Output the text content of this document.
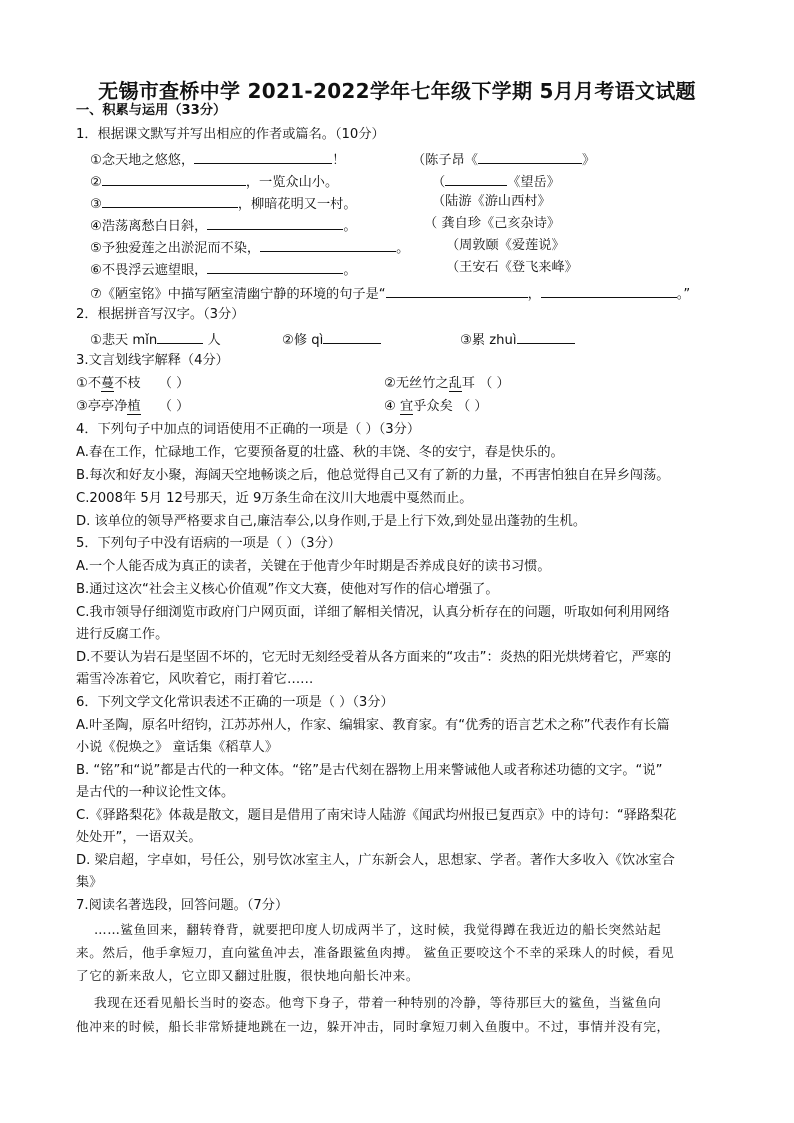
无锡市查桥中学 2021-2022学年七年级下学期 5月月考语文试题
一、积累与运用（33分）
1．根据课文默写并写出相应的作者或篇名。（10分）
①念天地之悠悠，	！	（陈子昂《	》
②	，一览众山小。	（	《望岳》
③	，柳暗花明又一村。	（陆游《游山西村》
④浩荡离愁白日斜，	。	（ 龚自珍《己亥杂诗》
⑤予独爱莲之出淤泥而不染，	。	（周敦颐《爱莲说》
⑥不畏浮云遮望眼，	。	（王安石《登飞来峰》
⑦《陋室铭》中描写陋室清幽宁静的环境的句子是“	，	。”
2．根据拼音写汉字。（3分）
①悲天 mǐn	人	②修 qì	③累 zhuì
3.文言划线字解释（4分）
①不蔓不枝 （ ）	②无丝竹之乱耳 （ ）
③亭亭净植 （ ）	④ 宜乎众矣 （ ）
4．下列句子中加点的词语使用不正确的一项是（ ）（3分）
A.春在工作，忙碌地工作，它要预备夏的壮盛、秋的丰饶、冬的安宁，春是快乐的。
B.每次和好友小聚，海阔天空地畅谈之后，他总觉得自己又有了新的力量，不再害怕独自在异乡闯荡。
C.2008年 5月 12号那天，近 9万条生命在汶川大地震中戛然而止。
D. 该单位的领导严格要求自己,廉洁奉公,以身作则,于是上行下效,到处显出蓬勃的生机。
5．下列句子中没有语病的一项是（ ）（3分）
A.一个人能否成为真正的读者，关键在于他青少年时期是否养成良好的读书习惯。
B.通过这次“社会主义核心价值观”作文大赛，使他对写作的信心增强了。
C.我市领导仔细浏览市政府门户网页面，详细了解相关情况，认真分析存在的问题，听取如何利用网络
进行反腐工作。
D.不要认为岩石是坚固不坏的，它无时无刻经受着从各方面来的“攻击”：炎热的阳光烘烤着它，严寒的
霜雪冷冻着它，风吹着它，雨打着它……
6．下列文学文化常识表述不正确的一项是（ ）（3分）
A.叶圣陶，原名叶绍钧，江苏苏州人，作家、编辑家、教育家。有“优秀的语言艺术之称”代表作有长篇
小说《倪焕之》 童话集《稻草人》
B. “铭”和“说”都是古代的一种文体。“铭”是古代刻在器物上用来警诫他人或者称述功德的文字。“说”
是古代的一种议论性文体。
C.《驿路梨花》体裁是散文，题目是借用了南宋诗人陆游《闻武均州报已复西京》中的诗句：“驿路梨花
处处开”，一语双关。
D. 梁启超，字卓如，号任公，别号饮冰室主人，广东新会人，思想家、学者。著作大多收入《饮冰室合
集》
7.阅读名著选段，回答问题。（7分）
……鲨鱼回来，翻转脊背，就要把印度人切成两半了，这时候，我觉得蹲在我近边的船长突然站起
来。然后，他手拿短刀，直向鲨鱼冲去，准备跟鲨鱼肉搏。 鲨鱼正要咬这个不幸的采珠人的时候，看见
了它的新来敌人，它立即又翻过肚腹，很快地向船长冲来。
我现在还看见船长当时的姿态。他弯下身子，带着一种特别的冷静，等待那巨大的鲨鱼，当鲨鱼向
他冲来的时候，船长非常矫捷地跳在一边，躲开冲击，同时拿短刀刺入鱼腹中。不过，事情并没有完，
